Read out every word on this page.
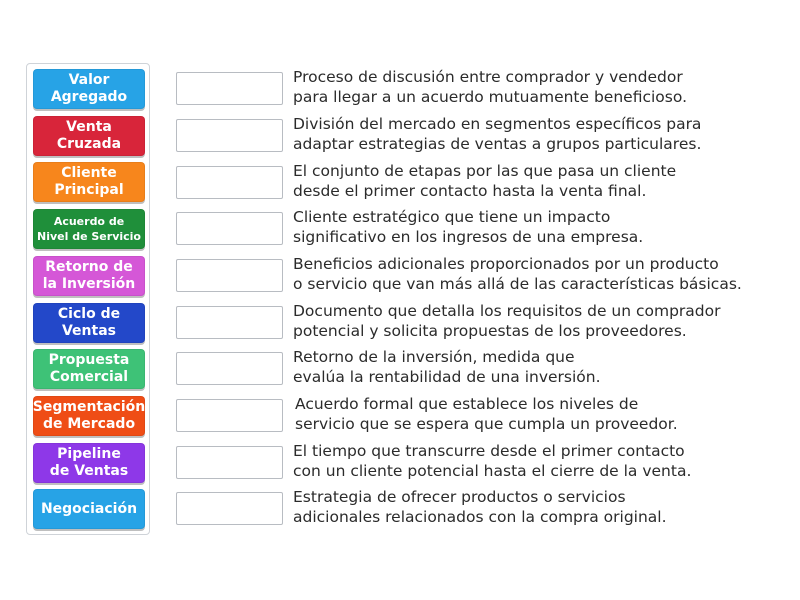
Valor
Agregado
Venta
Cruzada
Cliente
Principal
Acuerdo de
Nivel de Servicio
Retorno de
la Inversión
Ciclo de
Ventas
Propuesta
Comercial
Segmentación
de Mercado
Pipeline
de Ventas
Negociación
Proceso de discusión entre comprador y vendedor
para llegar a un acuerdo mutuamente beneficioso.
División del mercado en segmentos específicos para
adaptar estrategias de ventas a grupos particulares.
El conjunto de etapas por las que pasa un cliente
desde el primer contacto hasta la venta final.
Cliente estratégico que tiene un impacto
significativo en los ingresos de una empresa.
Beneficios adicionales proporcionados por un producto
o servicio que van más allá de las características básicas.
Documento que detalla los requisitos de un comprador
potencial y solicita propuestas de los proveedores.
Retorno de la inversión, medida que
evalúa la rentabilidad de una inversión.
Acuerdo formal que establece los niveles de
servicio que se espera que cumpla un proveedor.
El tiempo que transcurre desde el primer contacto
con un cliente potencial hasta el cierre de la venta.
Estrategia de ofrecer productos o servicios
adicionales relacionados con la compra original.
